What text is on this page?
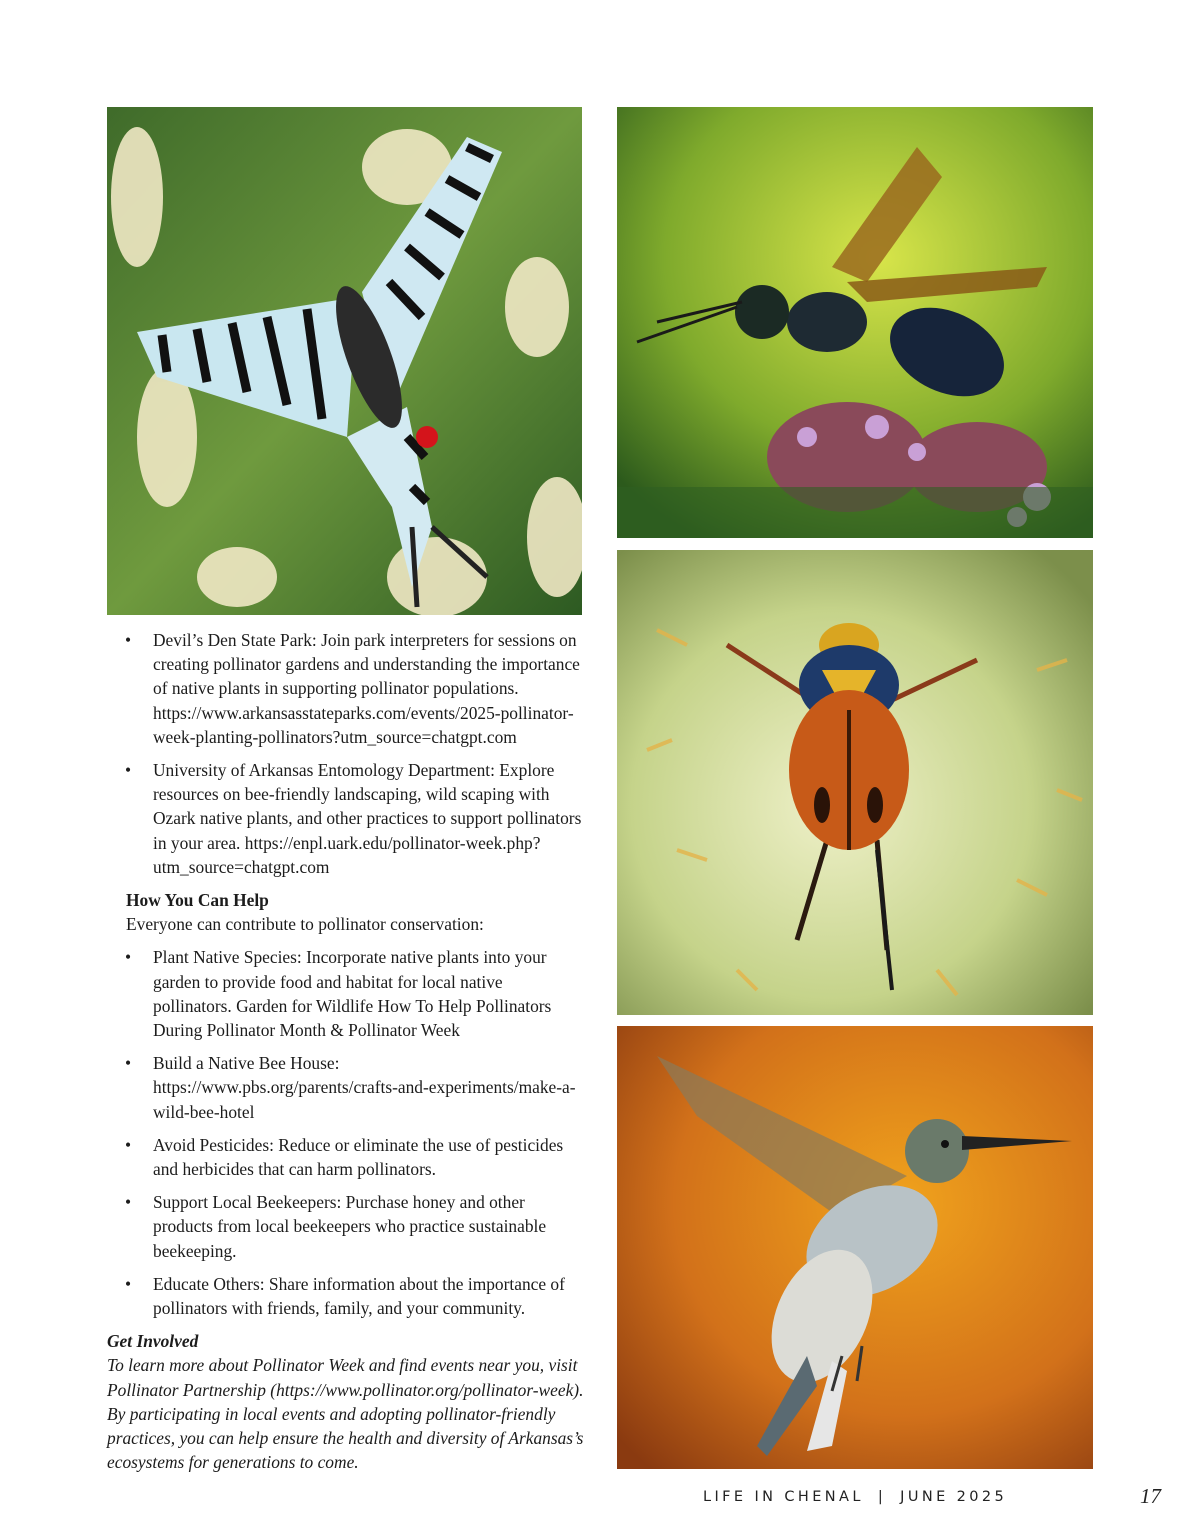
• Devil’s Den State Park: Join park interpreters for sessions on creating pollinator gardens and understanding the importance of native plants in supporting pollinator populations. https://www.arkansasstateparks.com/events/2025-pollinator-week-planting-pollinators?utm_source=chatgpt.com
• University of Arkansas Entomology Department: Explore resources on bee-friendly landscaping, wild scaping with Ozark native plants, and other practices to support pollinators in your area. https://enpl.uark.edu/pollinator-week.php?utm_source=chatgpt.com
How You Can Help
Everyone can contribute to pollinator conservation:
• Plant Native Species: Incorporate native plants into your garden to provide food and habitat for local native pollinators. Garden for Wildlife How To Help Pollinators During Pollinator Month & Pollinator Week
• Build a Native Bee House: https://www.pbs.org/parents/crafts-and-experiments/make-a-wild-bee-hotel
• Avoid Pesticides: Reduce or eliminate the use of pesticides and herbicides that can harm pollinators.
• Support Local Beekeepers: Purchase honey and other products from local beekeepers who practice sustainable beekeeping.
• Educate Others: Share information about the importance of pollinators with friends, family, and your community.
Get Involved
To learn more about Pollinator Week and find events near you, visit Pollinator Partnership (https://www.pollinator.org/pollinator-week). By participating in local events and adopting pollinator-friendly practices, you can help ensure the health and diversity of Arkansas’s ecosystems for generations to come.
LIFE IN CHENAL | JUNE 2025	17
